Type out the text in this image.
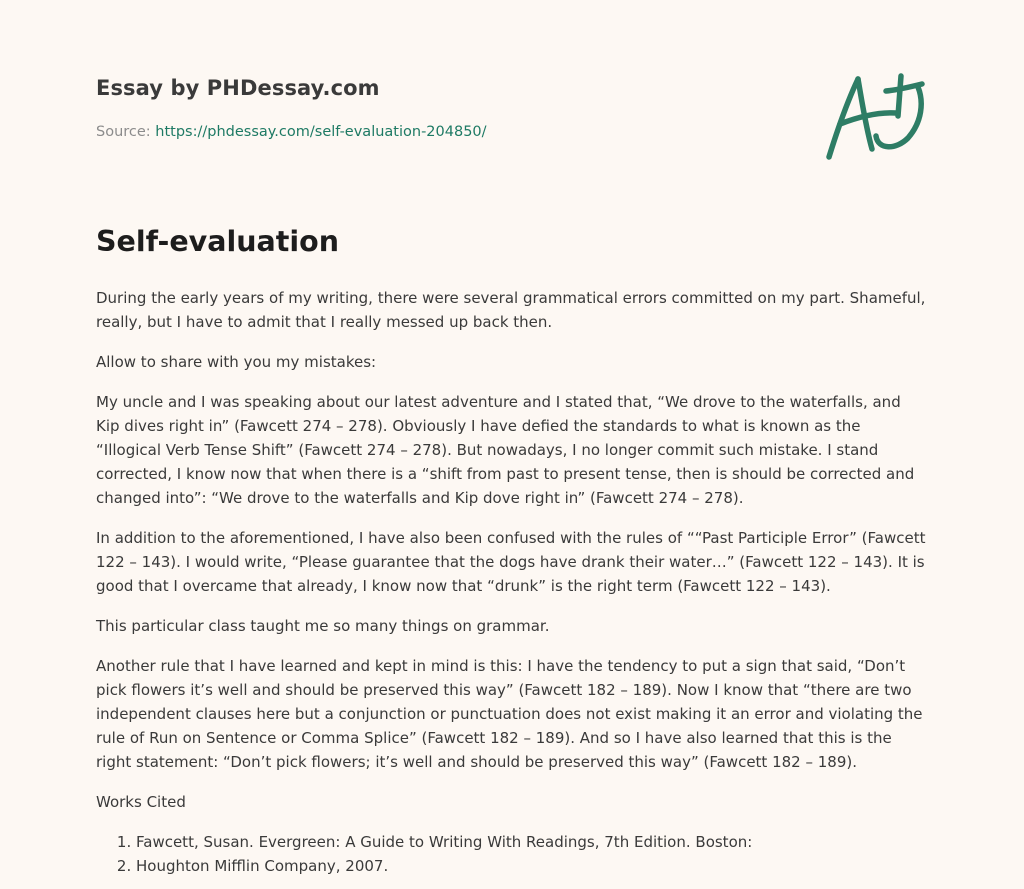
Essay by PHDessay.com
Source: https://phdessay.com/self-evaluation-204850/
Self-evaluation

During the early years of my writing, there were several grammatical errors committed on my part. Shameful, really, but I have to admit that I really messed up back then.

Allow to share with you my mistakes:

My uncle and I was speaking about our latest adventure and I stated that, “We drove to the waterfalls, and Kip dives right in” (Fawcett 274 – 278). Obviously I have defied the standards to what is known as the “Illogical Verb Tense Shift” (Fawcett 274 – 278). But nowadays, I no longer commit such mistake. I stand corrected, I know now that when there is a “shift from past to present tense, then is should be corrected and changed into”: “We drove to the waterfalls and Kip dove right in” (Fawcett 274 – 278).

In addition to the aforementioned, I have also been confused with the rules of ““Past Participle Error” (Fawcett 122 – 143). I would write, “Please guarantee that the dogs have drank their water…” (Fawcett 122 – 143). It is good that I overcame that already, I know now that “drunk” is the right term (Fawcett 122 – 143).

This particular class taught me so many things on grammar.

Another rule that I have learned and kept in mind is this: I have the tendency to put a sign that said, “Don’t pick flowers it’s well and should be preserved this way” (Fawcett 182 – 189). Now I know that “there are two independent clauses here but a conjunction or punctuation does not exist making it an error and violating the rule of Run on Sentence or Comma Splice” (Fawcett 182 – 189). And so I have also learned that this is the right statement: “Don’t pick flowers; it’s well and should be preserved this way” (Fawcett 182 – 189).

Works Cited

1. Fawcett, Susan. Evergreen: A Guide to Writing With Readings, 7th Edition. Boston:
2. Houghton Mifflin Company, 2007.
